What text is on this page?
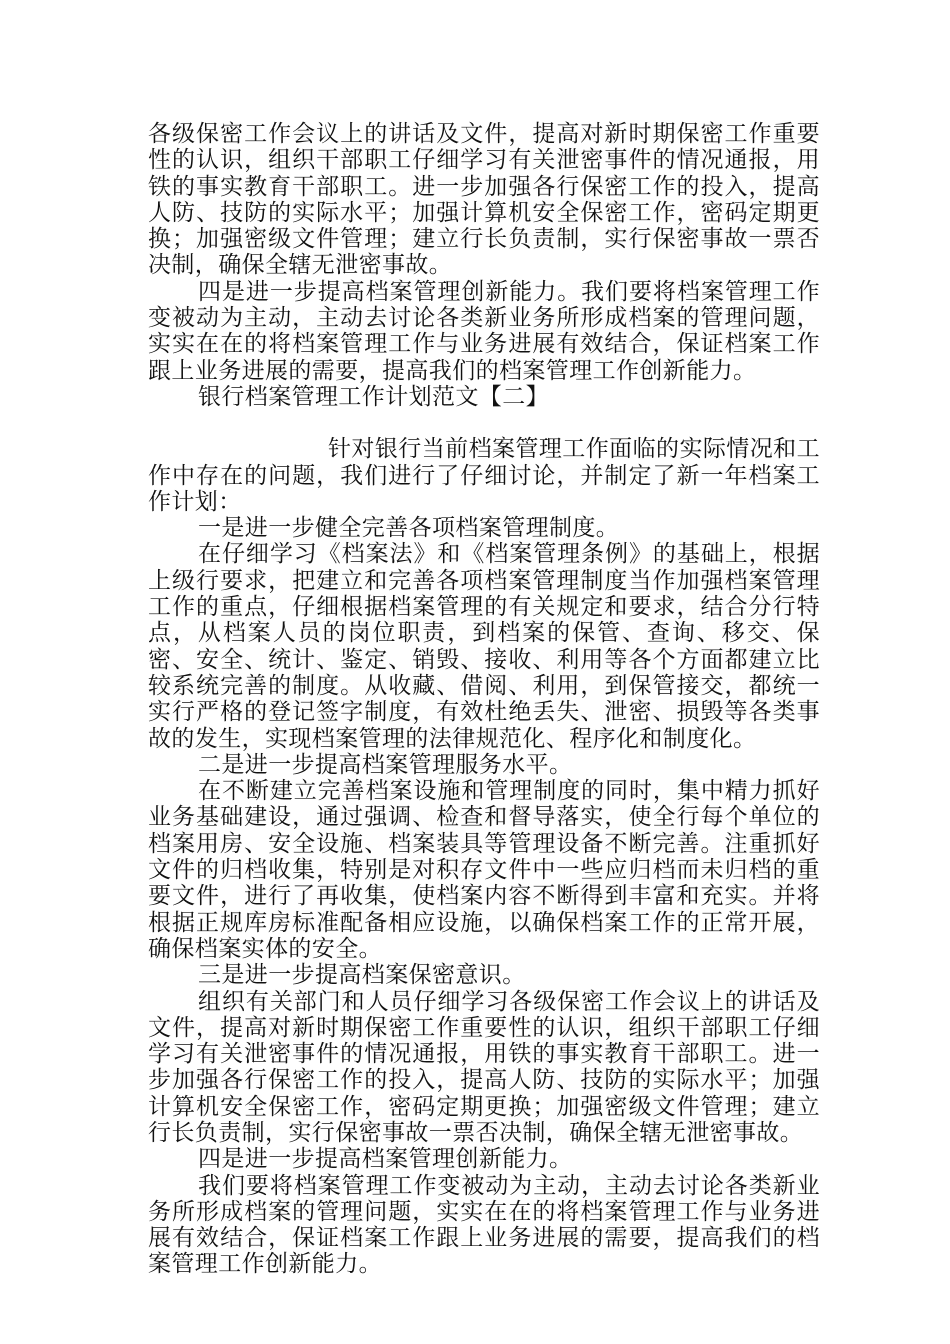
各级保密工作会议上的讲话及文件，提高对新时期保密工作重要性的认识，组织干部职工仔细学习有关泄密事件的情况通报，用铁的事实教育干部职工。进一步加强各行保密工作的投入，提高人防、技防的实际水平；加强计算机安全保密工作，密码定期更换；加强密级文件管理；建立行长负责制，实行保密事故一票否决制，确保全辖无泄密事故。

四是进一步提高档案管理创新能力。我们要将档案管理工作变被动为主动，主动去讨论各类新业务所形成档案的管理问题，实实在在的将档案管理工作与业务进展有效结合，保证档案工作跟上业务进展的需要，提高我们的档案管理工作创新能力。

银行档案管理工作计划范文【二】

针对银行当前档案管理工作面临的实际情况和工作中存在的问题，我们进行了仔细讨论，并制定了新一年档案工作计划：

一是进一步健全完善各项档案管理制度。

在仔细学习《档案法》和《档案管理条例》的基础上，根据上级行要求，把建立和完善各项档案管理制度当作加强档案管理工作的重点，仔细根据档案管理的有关规定和要求，结合分行特点，从档案人员的岗位职责，到档案的保管、查询、移交、保密、安全、统计、鉴定、销毁、接收、利用等各个方面都建立比较系统完善的制度。从收藏、借阅、利用，到保管接交，都统一实行严格的登记签字制度，有效杜绝丢失、泄密、损毁等各类事故的发生，实现档案管理的法律规范化、程序化和制度化。

二是进一步提高档案管理服务水平。

在不断建立完善档案设施和管理制度的同时，集中精力抓好业务基础建设，通过强调、检查和督导落实，使全行每个单位的档案用房、安全设施、档案装具等管理设备不断完善。注重抓好文件的归档收集，特别是对积存文件中一些应归档而未归档的重要文件，进行了再收集，使档案内容不断得到丰富和充实。并将根据正规库房标准配备相应设施，以确保档案工作的正常开展，确保档案实体的安全。

三是进一步提高档案保密意识。

组织有关部门和人员仔细学习各级保密工作会议上的讲话及文件，提高对新时期保密工作重要性的认识，组织干部职工仔细学习有关泄密事件的情况通报，用铁的事实教育干部职工。进一步加强各行保密工作的投入，提高人防、技防的实际水平；加强计算机安全保密工作，密码定期更换；加强密级文件管理；建立行长负责制，实行保密事故一票否决制，确保全辖无泄密事故。

四是进一步提高档案管理创新能力。

我们要将档案管理工作变被动为主动，主动去讨论各类新业务所形成档案的管理问题，实实在在的将档案管理工作与业务进展有效结合，保证档案工作跟上业务进展的需要，提高我们的档案管理工作创新能力。
